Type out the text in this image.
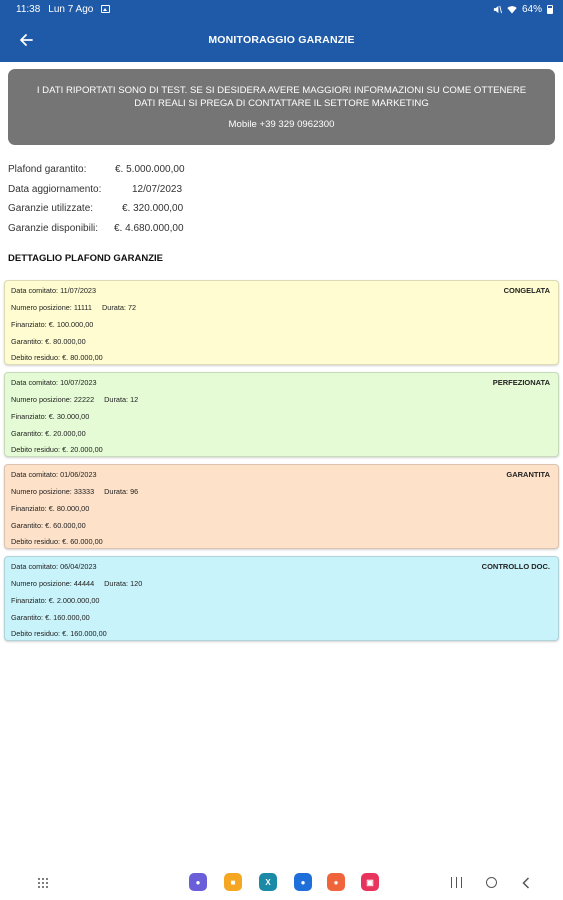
11:38 Lun 7 Ago	64%
MONITORAGGIO GARANZIE
I DATI RIPORTATI SONO DI TEST. SE SI DESIDERA AVERE MAGGIORI INFORMAZIONI SU COME OTTENERE
DATI REALI SI PREGA DI CONTATTARE IL SETTORE MARKETING
Mobile +39 329 0962300
Plafond garantito:	€. 5.000.000,00
Data aggiornamento:	12/07/2023
Garanzie utilizzate:	€. 320.000,00
Garanzie disponibili: €. 4.680.000,00
DETTAGLIO PLAFOND GARANZIE
Data comitato: 11/07/2023	CONGELATA
Numero posizione: 11111 Durata: 72
Finanziato: €. 100.000,00
Garantito: €. 80.000,00
Debito residuo: €. 80.000,00
Data comitato: 10/07/2023	PERFEZIONATA
Numero posizione: 22222 Durata: 12
Finanziato: €. 30.000,00
Garantito: €. 20.000,00
Debito residuo: €. 20.000,00
Data comitato: 01/06/2023	GARANTITA
Numero posizione: 33333 Durata: 96
Finanziato: €. 80.000,00
Garantito: €. 60.000,00
Debito residuo: €. 60.000,00
Data comitato: 06/04/2023	CONTROLLO DOC.
Numero posizione: 44444 Durata: 120
Finanziato: €. 2.000.000,00
Garantito: €. 160.000,00
Debito residuo: €. 160.000,00
●	■	X	●	●	▣
